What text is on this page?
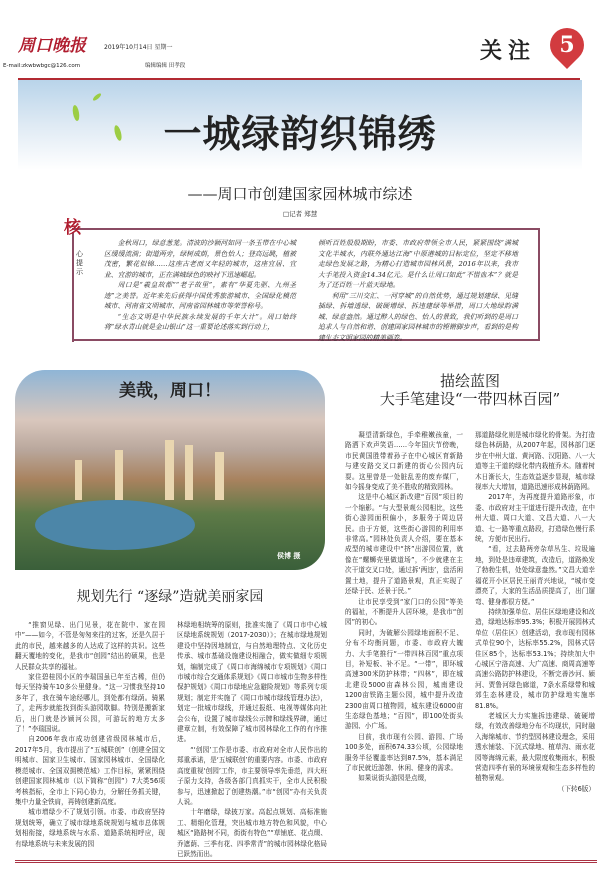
周口晚报	2019年10月14日 星期一
E-mail:zkwbwbgc@126.com	编辑编辑 田孝段
关注	5
一城绿韵织锦绣
——周口市创建国家园林城市综述
□记者 郑慧
核
心提示

金秋周口，绿意葱茏。清波的沙颍河如同一条玉带在中心城区缓缓流淌；街道两旁，绿树成荫，景色怡人；登高远眺，植被茂密，繁花似锦……这座古老而又年轻的城市，这座宜居、宜业、宜游的城市，正在满城绿色的映衬下迅速崛起。

周口是“羲皇故都”“老子故里”，素有“华夏先驱、九州圣迹”之美誉。近年来先后获得中国优秀旅游城市、全国绿化模范城市、河南省文明城市、河南省园林城市等荣誉称号。

“生态文明是中华民族永续发展的千年大计”。周口始终将“绿水青山就是金山银山”这一重要论述落实到行动上，

倾听百姓殷殷期盼，市委、市政府带领全市人民，紧紧围绕“满城文化半城水，内联外通达江海”中原港城的目标定位，坚定不移地走绿色发展之路，为精心打造城市园林风景，2016年以来，我市大手笔投入资金14.34亿元。是什么让周口如此“不惜血本”？就是为了还百姓一片蓝天绿地。

利用“三川交汇、一河穿城”的自然优势，通过规划建绿、见缝插绿、拆墙透绿、破硬增绿、拆违建绿等举措，周口大地绿韵满城、绿意盎然。通过醉人的绿色、怡人的景致，我们听到的是周口追求人与自然和谐、创建国家园林城市的铿锵脚步声，看到的是构建生态文明家园的精美画卷。

美哉，周口！
侯博 摄
描绘蓝图
大手笔建设“一带四林百园”

凝望清新绿色，手牵稚嫩孩童，一路洒下欢声笑语……今年国庆节傍晚，市民黄国胜带着孙子在中心城区育新路与建安路交叉口新建的街心公园内玩耍。这里曾是一处脏乱差的废弃煤厂，如今摇身变成了美不胜收的精致园林。

这是中心城区新改建“百园”项目的一个缩影。“与大型景观公园相比，这些街心游园面积偏小，多服务于周边居民。由于方便，这些街心游园的利用率非常高。”园林处负责人介绍，要在基本成型的城市建设中“挤”出游园位置，就像在“螺蛳壳里做道场”，不少就建在主次干道交叉口处，通过拆‘两违’，盘活闲置土地，提升了道路景观，真正实现了还绿于民、还景于民。”

让市民享受到“家门口的公园”等美的福祉，不断提升人居环境，是我市“创园”的初心。

同时，为破解公园绿地面积不足、分布不均衡问题，市委、市政府大魄力、大手笔推行“一带四林百园”重点项目，补短板、补不足。“一带”，即环城高速300米防护林带；“四林”，即在城北建设5000亩森林公园，城南建设1200亩铁路主题公园，城中提升改造2300亩周口植物园，城东建设6000亩生态绿色基地；“百园”，即100处街头游园、小广场。

目前，我市现有公园、游园、广场100多处，面积674.33公顷，公园绿地服务半径覆盖率达到87.5%，基本满足了市民就近游憩、休闲、健身的需求。

如果说街头游园是点缀，

那道路绿化则是城市绿化的骨架。为打造绿色林荫路，从2007年起，园林部门逐步在中州大道、黄河路、汉阳路、八一大道等主干道的绿化带内栽植乔木。随着树木日渐长大，生态效益逐步显现，城市绿视率大大增加，道路迅速形成林荫路网。

2017年，为再度提升道路形象，市委、市政府对主干道进行提升改造，在中州大道、周口大道、文昌大道、八一大道、七一路等重点路段，打造绿色慢行系统，方便市民出行。

“看，过去路两旁杂草丛生、垃圾遍地，到处是违章建筑，改造后，道路焕发了勃勃生机，处处绿意盎然。”文昌大道幸福花开小区居民王丽青兴地说，“城市变漂亮了，大家的生活品质提高了，出门遛弯、健身都很方便。”

持续加强单位、居住区绿地建设和改造，绿地达标率95.3%；积极开展园林式单位（居住区）创建活动，我市现有园林式单位90个，达标率55.2%，园林式居住区85个，达标率53.1%；持续加大中心城区宁洛高速、大广高速、商周高速等高速公路防护林建设，不断完善沙河、颍河、贾鲁河绿色廊道，7条水系绿带和城郊生态林建设，城市防护绿地实施率81.8%。

老城区大力实施拆违建绿、破硬增绿，有效改善绿地分布不均现状，同时融入海绵城市、节约型园林建设理念，采用透水铺装、下沉式绿地、植草沟、雨水花园等海绵元素，最大限度收集雨水，积极营造四季有景的环境景观和生态多样性的植物景观。

（下转6版）

规划先行 “逐绿”造就美丽家园

“推窗见绿、出门见景，花在院中、家在园中”——如今，不管是匆匆来往的过客，还是久居于此的市民，越来越多的人达成了这样的共识。这些翻天覆地的变化，是我市“创园”结出的硕果，也是人民群众共享的福祉。

家住碧桂园小区的李瑞国虽已年至古稀，但仍每天坚持骑车10多公里健身。“这一习惯我坚持10多年了，我在骑车途经哪儿，到处都有绿荫。骑累了，走两步就能找到街头游园歇脚。特别是搬新家后，出门就是沙颍河公园，可游玩的地方太多了！”李瑞国说。

自2006年我市成功创建省级园林城市后，2017年5月，我市提出了“五城联创”（创建全国文明城市、国家卫生城市、国家园林城市、全国绿化模范城市、全国双拥模范城）工作目标，紧紧围绕创建国家园林城市（以下简称“创园”）7大类56项考核指标，全市上下同心协力，分解任务抓关键，集中力量全铁肩，再铸创建新高度。

城市增绿少不了规划引领。市委、市政府坚持规划统筹，确立了城市绿地系统规划与城市总体规划相衔接，绿地系统与水系、道路系统相呼应，现有绿地系统与未来发展的园

林绿地相统筹的原则，批准实施了《周口市中心城区绿地系统规划（2017-2030）》；在城市绿地规划建设中坚持因地制宜，与自然地理特点、文化历史传承、城市基础设施建设相融合，做实做细专项规划，编制完成了《周口市海绵城市专项规划》《周口市城市综合交通体系规划》《周口市城市生物多样性保护规划》《周口市绿地应急避险规划》等系列专项规划；制定并实施了《周口市城市绿线管理办法》，划定一批城市绿线，并通过报纸、电视等媒体向社会公布，设置了城市绿线公示牌和绿线界碑，通过建章立制，有效保障了城市园林绿化工作的有序推进。

“‘创园’工作是市委、市政府对全市人民作出的郑重承诺，是‘五城联创’的重要内容。市委、市政府高度重视‘创园’工作，市主要领导率先垂范，四大班子原力支持，各级各部门真抓实干，全市人民积极参与，迅速掀起了创建热潮。”市“创园”办有关负责人说。

十年磨绿，绿披万家。高起点规划、高标准施工、精细化管理，突出城市地方特色和风貌，中心城区“路路树不同，街街有特色”“草铺底、花点缀、乔遮荫、三季有花、四季常青”的城市园林绿化格局已跃然而出。
